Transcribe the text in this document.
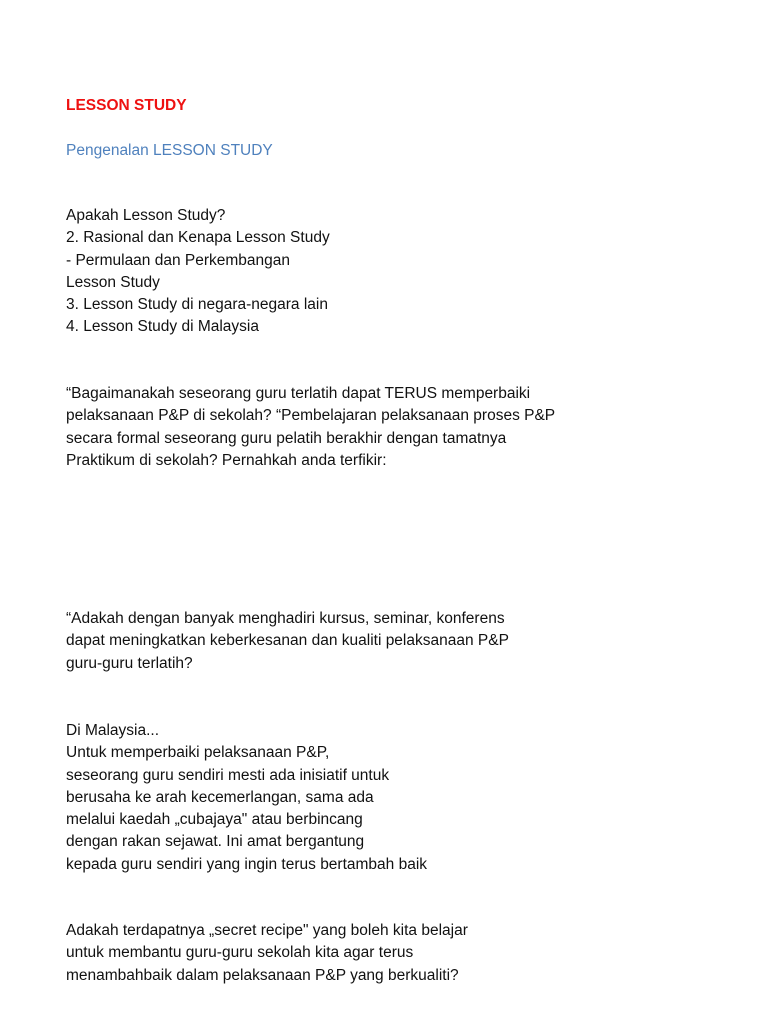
LESSON STUDY
Pengenalan LESSON STUDY
Apakah Lesson Study?
2. Rasional dan Kenapa Lesson Study
- Permulaan dan Perkembangan
Lesson Study
3. Lesson Study di negara-negara lain
4. Lesson Study di Malaysia
“Bagaimanakah seseorang guru terlatih dapat TERUS memperbaiki
pelaksanaan P&P di sekolah? “Pembelajaran pelaksanaan proses P&P
secara formal seseorang guru pelatih berakhir dengan tamatnya
Praktikum di sekolah? Pernahkah anda terfikir:
“Adakah dengan banyak menghadiri kursus, seminar, konferens
dapat meningkatkan keberkesanan dan kualiti pelaksanaan P&P
guru-guru terlatih?
Di Malaysia...
Untuk memperbaiki pelaksanaan P&P,
seseorang guru sendiri mesti ada inisiatif untuk
berusaha ke arah kecemerlangan, sama ada
melalui kaedah „cubajaya" atau berbincang
dengan rakan sejawat. Ini amat bergantung
kepada guru sendiri yang ingin terus bertambah baik
Adakah terdapatnya „secret recipe" yang boleh kita belajar
untuk membantu guru-guru sekolah kita agar terus
menambahbaik dalam pelaksanaan P&P yang berkualiti?
